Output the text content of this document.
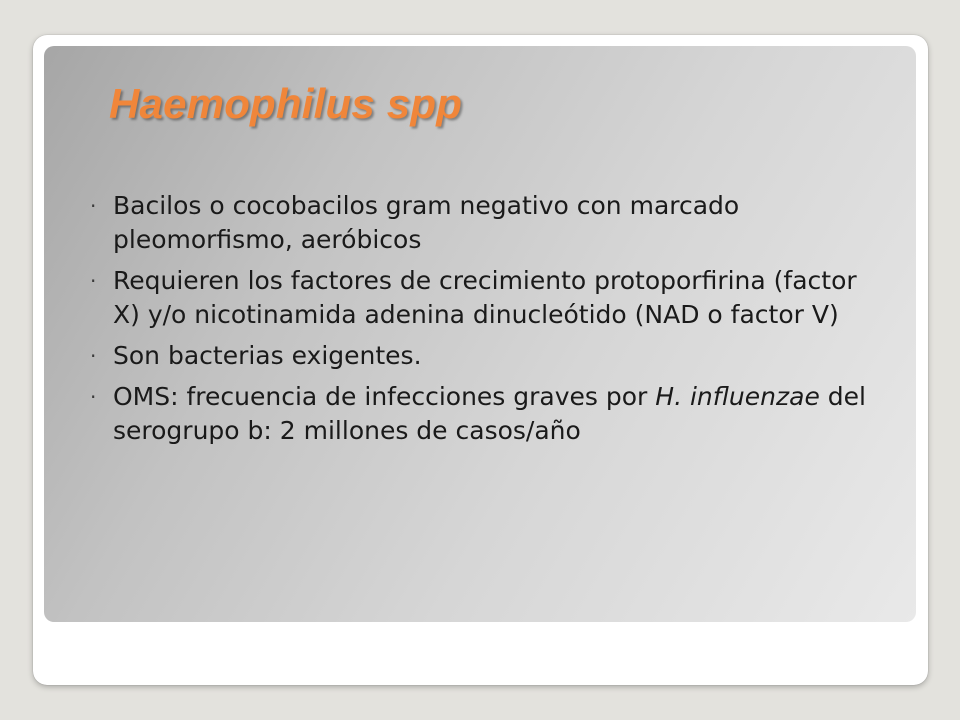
Haemophilus spp
· Bacilos o cocobacilos gram negativo con marcado pleomorfismo, aeróbicos
· Requieren los factores de crecimiento protoporfirina (factor X) y/o nicotinamida adenina dinucleótido (NAD o factor V)
· Son bacterias exigentes.
· OMS: frecuencia de infecciones graves por H. influenzae del serogrupo b: 2 millones de casos/año
